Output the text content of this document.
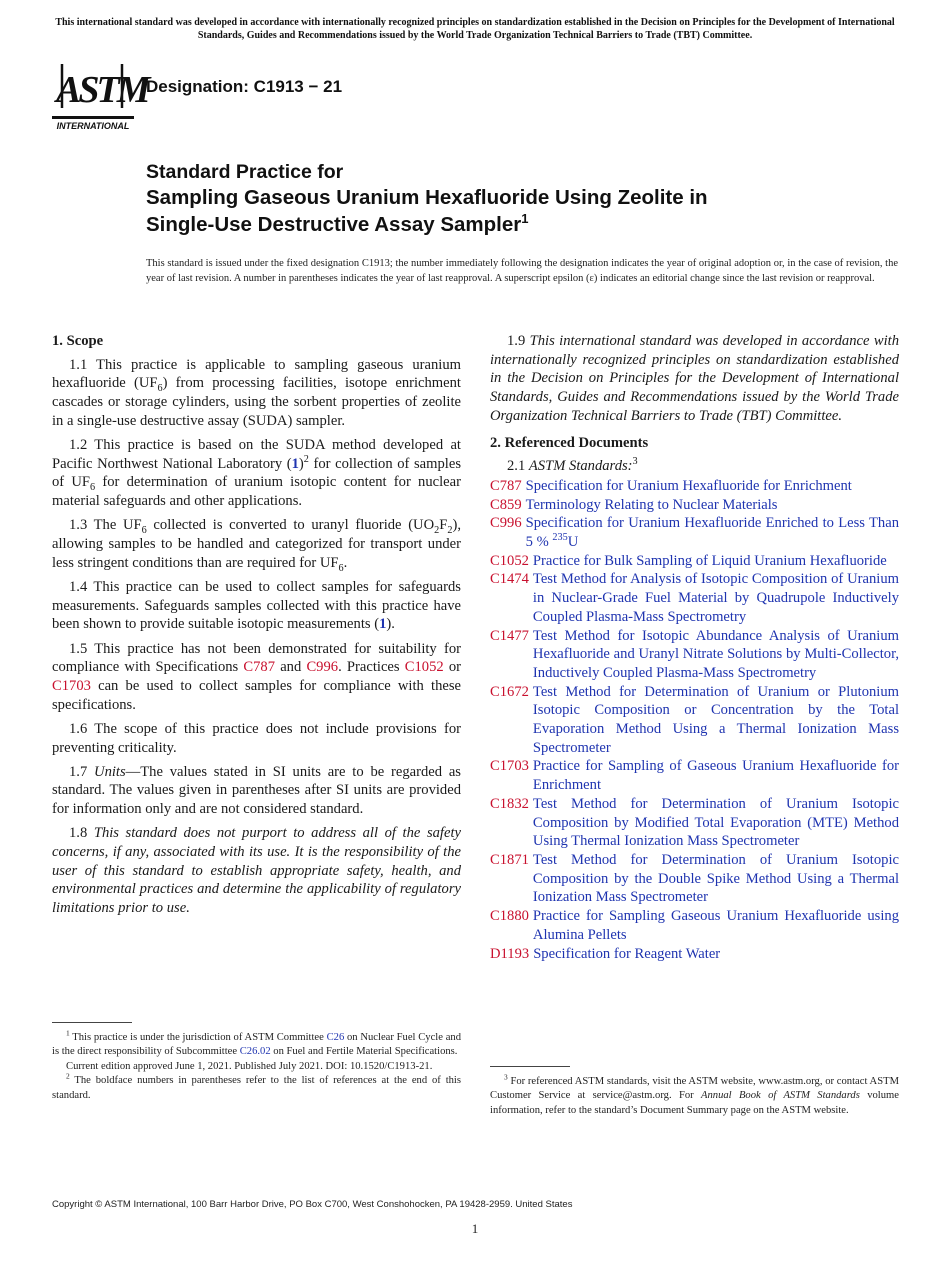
This international standard was developed in accordance with internationally recognized principles on standardization established in the Decision on Principles for the Development of International Standards, Guides and Recommendations issued by the World Trade Organization Technical Barriers to Trade (TBT) Committee.
ASTM
INTERNATIONAL
Designation: C1913 − 21
Standard Practice for
Sampling Gaseous Uranium Hexafluoride Using Zeolite in
Single-Use Destructive Assay Sampler$^1$
This standard is issued under the fixed designation C1913; the number immediately following the designation indicates the year of original adoption or, in the case of revision, the year of last revision. A number in parentheses indicates the year of last reapproval. A superscript epsilon (ε) indicates an editorial change since the last revision or reapproval.
1. Scope

1.1 This practice is applicable to sampling gaseous uranium hexafluoride $(UF_6)$ from processing facilities, isotope enrichment cascades or storage cylinders, using the sorbent properties of zeolite in a single-use destructive assay (SUDA) sampler.

1.2 This practice is based on the SUDA method developed at Pacific Northwest National Laboratory $(1)^2$ for collection of samples of $UF_6$ for determination of uranium isotopic content for nuclear material safeguards and other applications.

1.3 The $UF_6$ collected is converted to uranyl fluoride $(UO_2F_2)$, allowing samples to be handled and categorized for transport under less stringent conditions than are required for $UF_6$.

1.4 This practice can be used to collect samples for safeguards measurements. Safeguards samples collected with this practice have been shown to provide suitable isotopic measurements (1).

1.5 This practice has not been demonstrated for suitability for compliance with Specifications C787 and C996. Practices C1052 or C1703 can be used to collect samples for compliance with these specifications.

1.6 The scope of this practice does not include provisions for preventing criticality.

1.7 Units—The values stated in SI units are to be regarded as standard. The values given in parentheses after SI units are provided for information only and are not considered standard.

1.8 This standard does not purport to address all of the safety concerns, if any, associated with its use. It is the responsibility of the user of this standard to establish appropriate safety, health, and environmental practices and determine the applicability of regulatory limitations prior to use.

1.9 This international standard was developed in accordance with internationally recognized principles on standardization established in the Decision on Principles for the Development of International Standards, Guides and Recommendations issued by the World Trade Organization Technical Barriers to Trade (TBT) Committee.

2. Referenced Documents

2.1 ASTM Standards:$^3$

C787 Specification for Uranium Hexafluoride for Enrichment
C859 Terminology Relating to Nuclear Materials
C996 Specification for Uranium Hexafluoride Enriched to Less Than 5 % $^{235}$U
C1052 Practice for Bulk Sampling of Liquid Uranium Hexafluoride
C1474 Test Method for Analysis of Isotopic Composition of Uranium in Nuclear-Grade Fuel Material by Quadrupole Inductively Coupled Plasma-Mass Spectrometry
C1477 Test Method for Isotopic Abundance Analysis of Uranium Hexafluoride and Uranyl Nitrate Solutions by Multi-Collector, Inductively Coupled Plasma-Mass Spectrometry
C1672 Test Method for Determination of Uranium or Plutonium Isotopic Composition or Concentration by the Total Evaporation Method Using a Thermal Ionization Mass Spectrometer
C1703 Practice for Sampling of Gaseous Uranium Hexafluoride for Enrichment
C1832 Test Method for Determination of Uranium Isotopic Composition by Modified Total Evaporation (MTE) Method Using Thermal Ionization Mass Spectrometer
C1871 Test Method for Determination of Uranium Isotopic Composition by the Double Spike Method Using a Thermal Ionization Mass Spectrometer
C1880 Practice for Sampling Gaseous Uranium Hexafluoride using Alumina Pellets
D1193 Specification for Reagent Water

$^1$ This practice is under the jurisdiction of ASTM Committee C26 on Nuclear Fuel Cycle and is the direct responsibility of Subcommittee C26.02 on Fuel and Fertile Material Specifications.

Current edition approved June 1, 2021. Published July 2021. DOI: 10.1520/C1913-21.

$^2$ The boldface numbers in parentheses refer to the list of references at the end of this standard.

$^3$ For referenced ASTM standards, visit the ASTM website, www.astm.org, or contact ASTM Customer Service at service@astm.org. For Annual Book of ASTM Standards volume information, refer to the standard’s Document Summary page on the ASTM website.

Copyright © ASTM International, 100 Barr Harbor Drive, PO Box C700, West Conshohocken, PA 19428-2959. United States
1
